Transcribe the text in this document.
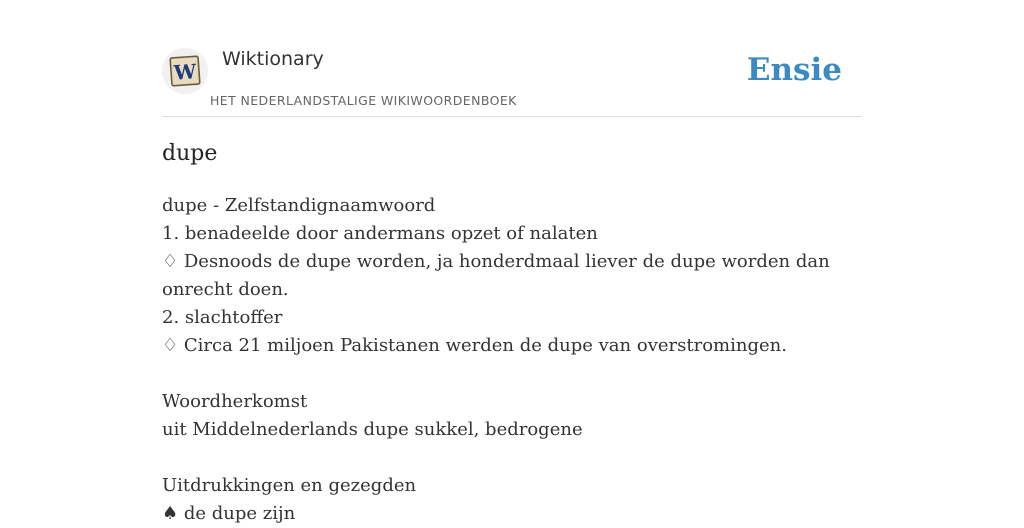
W
Wiktionary
HET NEDERLANDSTALIGE WIKIWOORDENBOEK
Ensie
dupe

dupe - Zelfstandignaamwoord

1. benadeelde door andermans opzet of nalaten

♢ Desnoods de dupe worden, ja honderdmaal liever de dupe worden dan onrecht doen.

2. slachtoffer

♢ Circa 21 miljoen Pakistanen werden de dupe van overstromingen.

Woordherkomst

uit Middelnederlands dupe sukkel, bedrogene

Uitdrukkingen en gezegden

♠ de dupe zijn
